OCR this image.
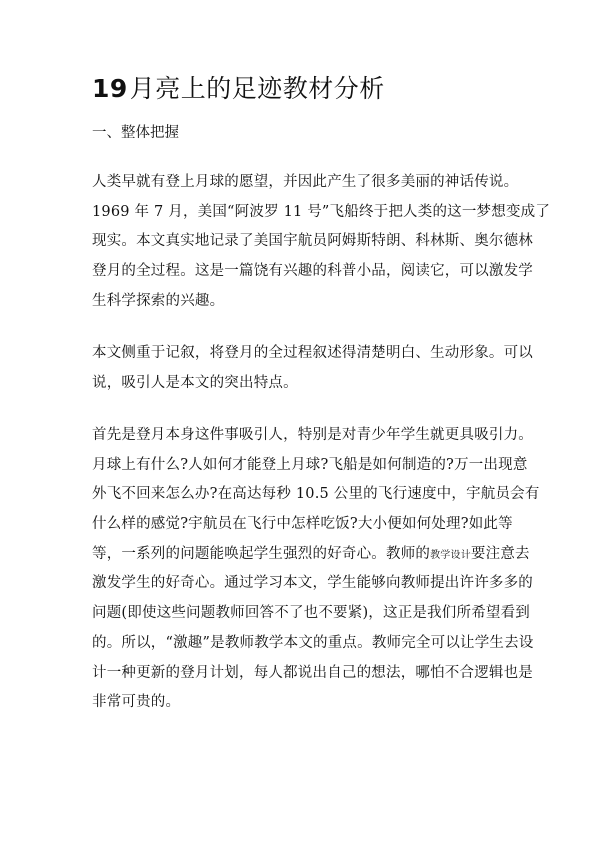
19月亮上的足迹教材分析
一、整体把握
人类早就有登上月球的愿望，并因此产生了很多美丽的神话传说。
1969 年 7 月，美国“阿波罗 11 号”飞船终于把人类的这一梦想变成了
现实。本文真实地记录了美国宇航员阿姆斯特朗、科林斯、奥尔德林
登月的全过程。这是一篇饶有兴趣的科普小品，阅读它，可以激发学
生科学探索的兴趣。
本文侧重于记叙，将登月的全过程叙述得清楚明白、生动形象。可以
说，吸引人是本文的突出特点。
首先是登月本身这件事吸引人，特别是对青少年学生就更具吸引力。
月球上有什么?人如何才能登上月球?飞船是如何制造的?万一出现意
外飞不回来怎么办?在高达每秒 10.5 公里的飞行速度中，宇航员会有
什么样的感觉?宇航员在飞行中怎样吃饭?大小便如何处理?如此等
等，一系列的问题能唤起学生强烈的好奇心。教师的教学设计要注意去
激发学生的好奇心。通过学习本文，学生能够向教师提出许许多多的
问题(即使这些问题教师回答不了也不要紧)，这正是我们所希望看到
的。所以，“激趣”是教师教学本文的重点。教师完全可以让学生去设
计一种更新的登月计划，每人都说出自己的想法，哪怕不合逻辑也是
非常可贵的。
